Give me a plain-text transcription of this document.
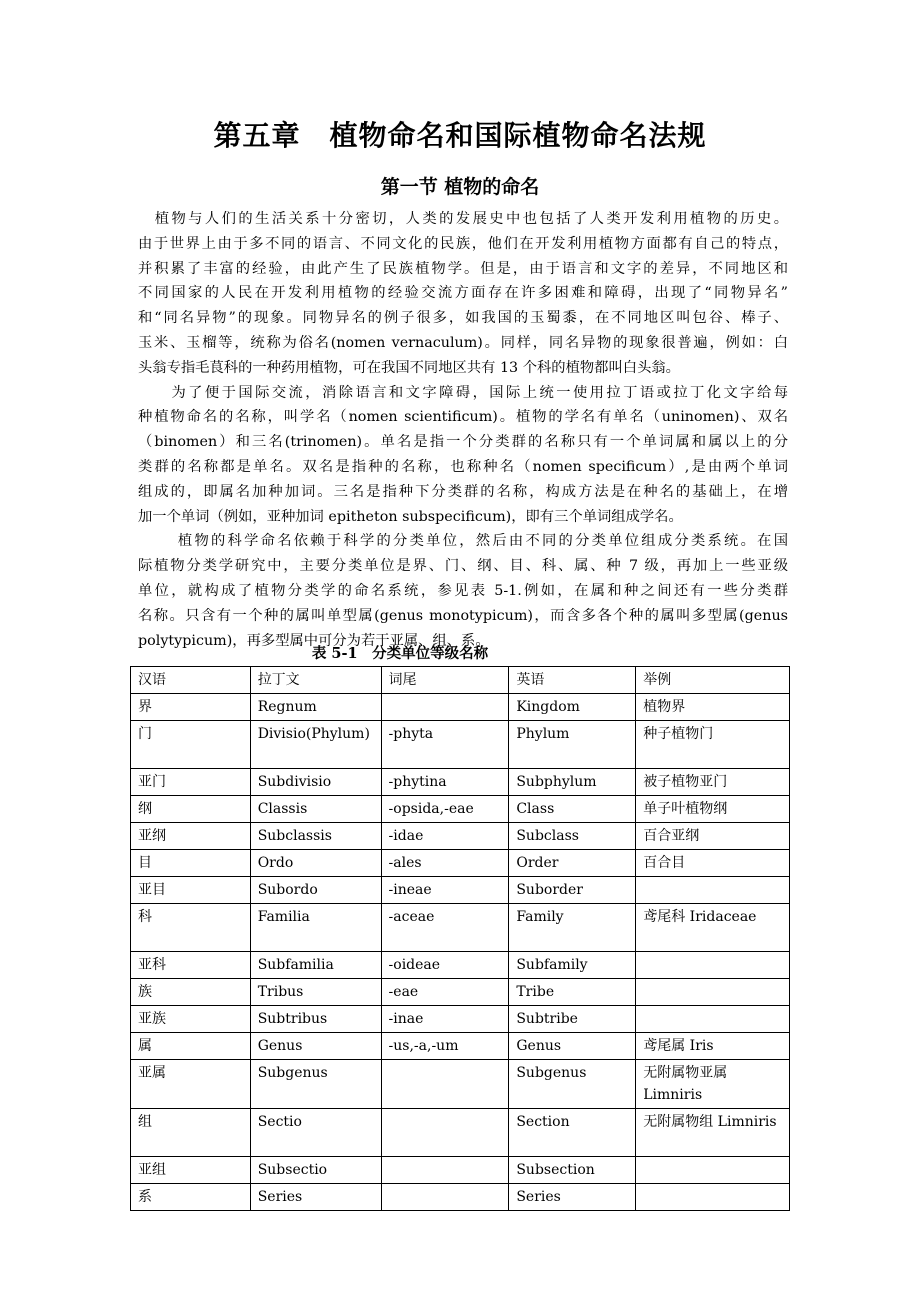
第五章　植物命名和国际植物命名法规
第一节 植物的命名
　植物与人们的生活关系十分密切，人类的发展史中也包括了人类开发利用植物的历史。
由于世界上由于多不同的语言、不同文化的民族，他们在开发利用植物方面都有自己的特点，
并积累了丰富的经验，由此产生了民族植物学。但是，由于语言和文字的差异，不同地区和
不同国家的人民在开发利用植物的经验交流方面存在许多困难和障碍，出现了“同物异名”
和“同名异物”的现象。同物异名的例子很多，如我国的玉蜀黍，在不同地区叫包谷、棒子、
玉米、玉榴等，统称为俗名(nomen vernaculum)。同样，同名异物的现象很普遍，例如：白
头翁专指毛茛科的一种药用植物，可在我国不同地区共有 13 个科的植物都叫白头翁。
　　为了便于国际交流，消除语言和文字障碍，国际上统一使用拉丁语或拉丁化文字给每
种植物命名的名称，叫学名（nomen scientificum)。植物的学名有单名（uninomen)、双名
（binomen）和三名(trinomen)。单名是指一个分类群的名称只有一个单词属和属以上的分
类群的名称都是单名。双名是指种的名称，也称种名（nomen specificum）,是由两个单词
组成的，即属名加种加词。三名是指种下分类群的名称，构成方法是在种名的基础上，在增
加一个单词（例如，亚种加词 epitheton subspecificum)，即有三个单词组成学名。
　　 植物的科学命名依赖于科学的分类单位，然后由不同的分类单位组成分类系统。在国
际植物分类学研究中，主要分类单位是界、门、纲、目、科、属、种 7 级，再加上一些亚级
单位，就构成了植物分类学的命名系统，参见表 5-1.例如，在属和种之间还有一些分类群
名称。只含有一个种的属叫单型属(genus monotypicum)，而含多各个种的属叫多型属(genus
polytypicum)，再多型属中可分为若干亚属、组、系。
表 5-1　分类单位等级名称
汉语	拉丁文	词尾	英语	举例
界	Regnum		Kingdom	植物界
门	Divisio(Phylum)	-phyta	Phylum	种子植物门
亚门	Subdivisio	-phytina	Subphylum	被子植物亚门
纲	Classis	-opsida,-eae	Class	单子叶植物纲
亚纲	Subclassis	-idae	Subclass	百合亚纲
目	Ordo	-ales	Order	百合目
亚目	Subordo	-ineae	Suborder	
科	Familia	-aceae	Family	鸢尾科 Iridaceae
亚科	Subfamilia	-oideae	Subfamily	
族	Tribus	-eae	Tribe	
亚族	Subtribus	-inae	Subtribe	
属	Genus	-us,-a,-um	Genus	鸢尾属 Iris
亚属	Subgenus		Subgenus	无附属物亚属 Limniris
组	Sectio		Section	无附属物组 Limniris
亚组	Subsectio		Subsection	
系	Series		Series	
